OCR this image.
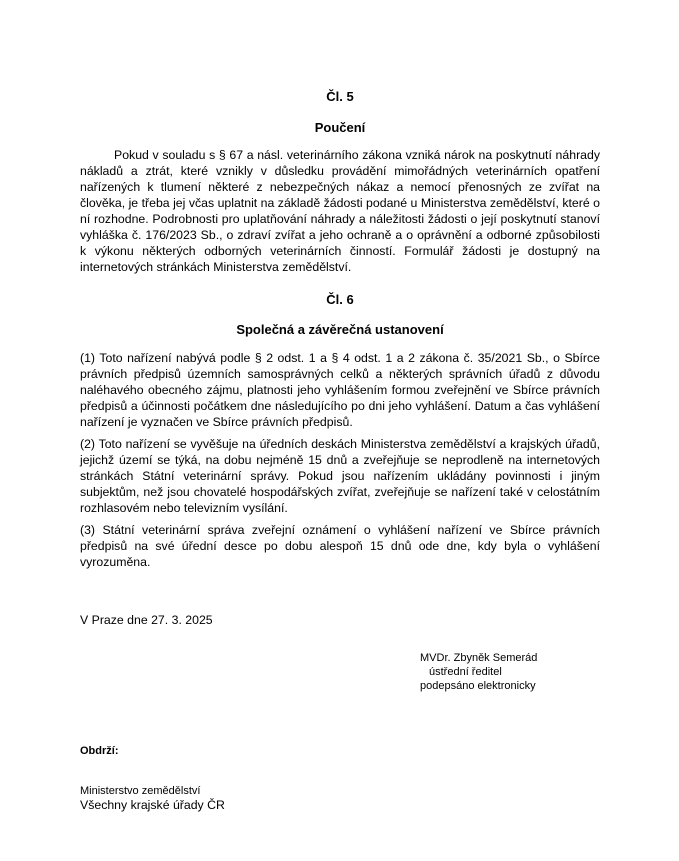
Čl. 5

Poučení

Pokud v souladu s § 67 a násl. veterinárního zákona vzniká nárok na poskytnutí náhrady nákladů a ztrát, které vznikly v důsledku provádění mimořádných veterinárních opatření nařízených k tlumení některé z nebezpečných nákaz a nemocí přenosných ze zvířat na člověka, je třeba jej včas uplatnit na základě žádosti podané u Ministerstva zemědělství, které o ní rozhodne. Podrobnosti pro uplatňování náhrady a náležitosti žádosti o její poskytnutí stanoví vyhláška č. 176/2023 Sb., o zdraví zvířat a jeho ochraně a o oprávnění a odborné způsobilosti k výkonu některých odborných veterinárních činností. Formulář žádosti je dostupný na internetových stránkách Ministerstva zemědělství.

Čl. 6

Společná a závěrečná ustanovení

(1) Toto nařízení nabývá podle § 2 odst. 1 a § 4 odst. 1 a 2 zákona č. 35/2021 Sb., o Sbírce právních předpisů územních samosprávných celků a některých správních úřadů z důvodu naléhavého obecného zájmu, platnosti jeho vyhlášením formou zveřejnění ve Sbírce právních předpisů a účinnosti počátkem dne následujícího po dni jeho vyhlášení. Datum a čas vyhlášení nařízení je vyznačen ve Sbírce právních předpisů.

(2) Toto nařízení se vyvěšuje na úředních deskách Ministerstva zemědělství a krajských úřadů, jejichž území se týká, na dobu nejméně 15 dnů a zveřejňuje se neprodleně na internetových stránkách Státní veterinární správy. Pokud jsou nařízením ukládány povinnosti i jiným subjektům, než jsou chovatelé hospodářských zvířat, zveřejňuje se nařízení také v celostátním rozhlasovém nebo televizním vysílání.

(3) Státní veterinární správa zveřejní oznámení o vyhlášení nařízení ve Sbírce právních předpisů na své úřední desce po dobu alespoň 15 dnů ode dne, kdy byla o vyhlášení vyrozuměna.

V Praze dne 27. 3. 2025

MVDr. Zbyněk Semerád
ústřední ředitel
podepsáno elektronicky

Obdrží:

Ministerstvo zemědělství

Všechny krajské úřady ČR
